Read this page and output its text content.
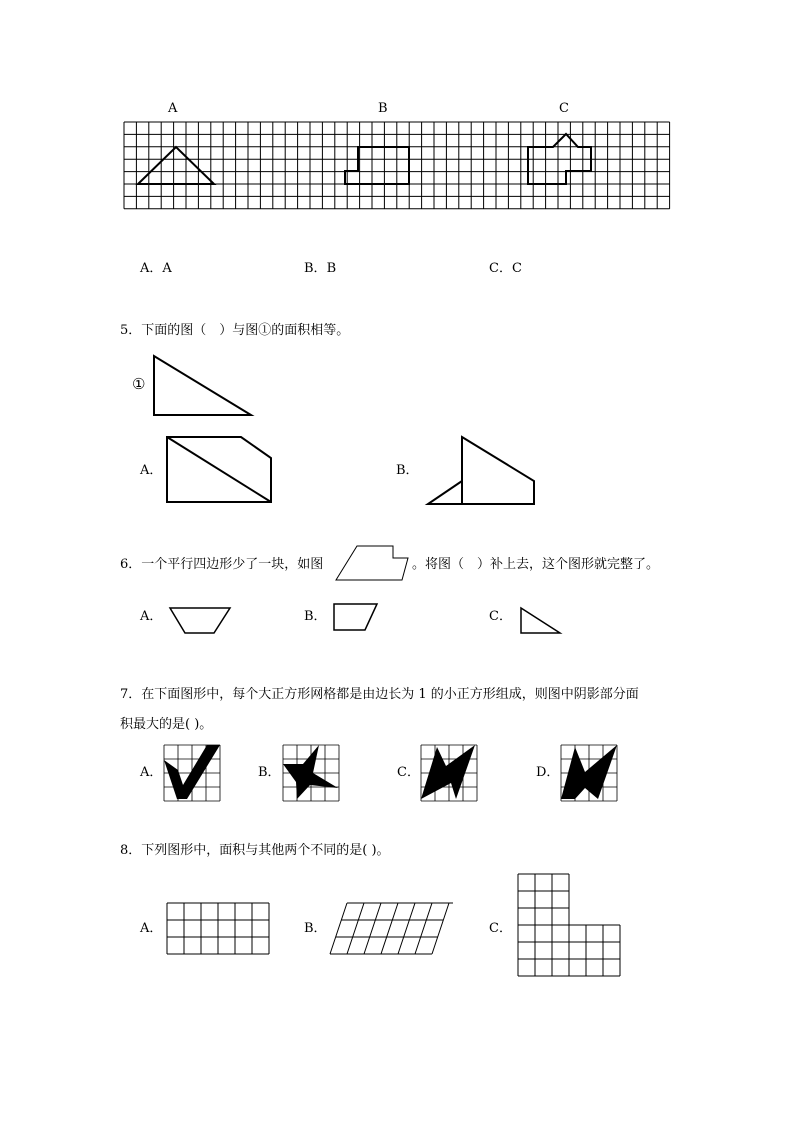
A	B	C
A．A	B．B	C．C
5．下面的图（　）与图①的面积相等。
①
A．	B．
6．一个平行四边形少了一块，如图	。将图（　）补上去，这个图形就完整了。
A．	B．	C．
7．在下面图形中，每个大正方形网格都是由边长为 1 的小正方形组成，则图中阴影部分面
积最大的是( )。
A．	B．	C．	D．
8．下列图形中，面积与其他两个不同的是( )。
A．	B．	C．
